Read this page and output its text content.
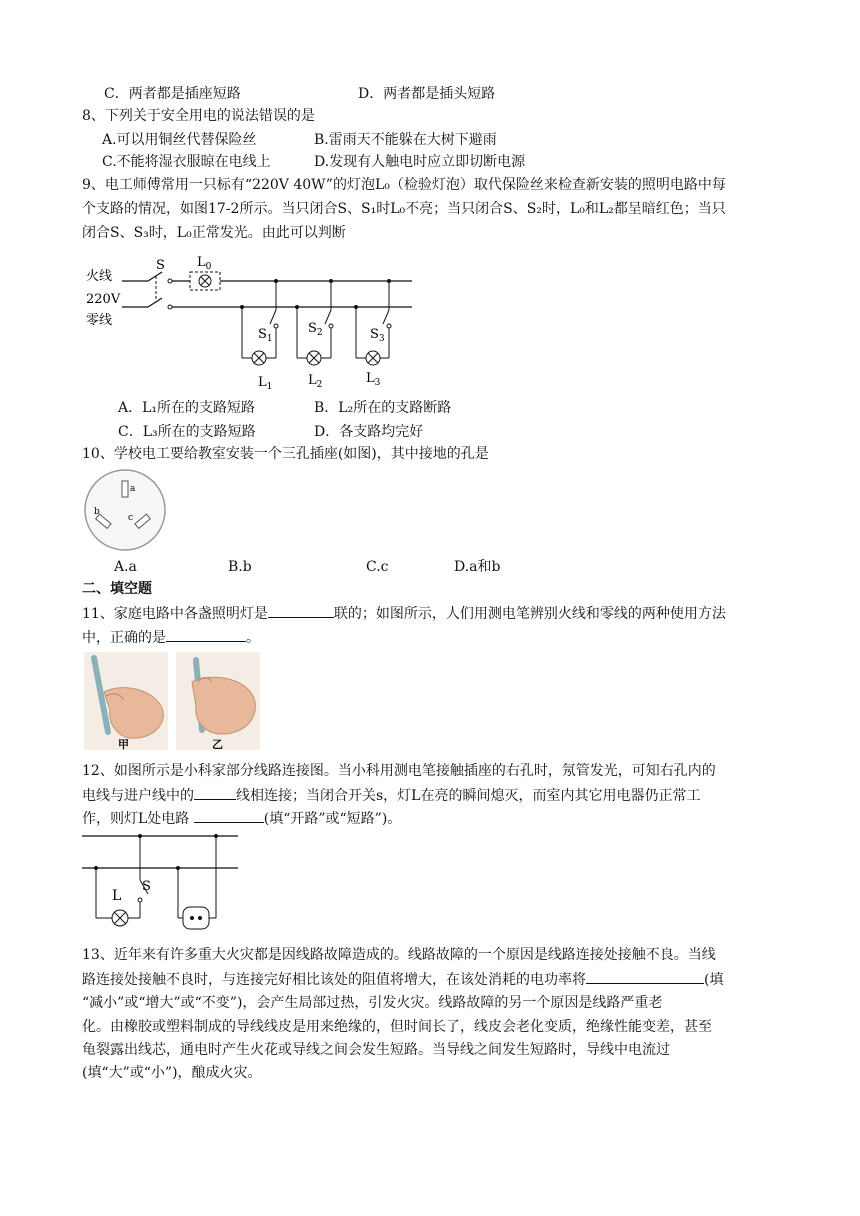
C．两者都是插座短路	D．两者都是插头短路
8、下列关于安全用电的说法错误的是
A.可以用铜丝代替保险丝	B.雷雨天不能躲在大树下避雨
C.不能将湿衣服晾在电线上	D.发现有人触电时应立即切断电源
9、电工师傅常用一只标有“220V 40W”的灯泡L₀（检验灯泡）取代保险丝来检查新安装的照明电路中每
个支路的情况，如图17-2所示。当只闭合S、S₁时L₀不亮；当只闭合S、S₂时，L₀和L₂都呈暗红色；当只
闭合S、S₃时，L₀正常发光。由此可以判断
火线
220V
零线
S $L_0$
$S_1$
$L_1$
$S_2$
$L_2$
$S_3$
$L_3$
A．L₁所在的支路短路	B．L₂所在的支路断路
C．L₃所在的支路短路	D．各支路均完好
10、学校电工要给教室安装一个三孔插座(如图)，其中接地的孔是
a
b
c
A.a	B.b	C.c	D.a和b
二、填空题
11、家庭电路中各盏照明灯是	联的；如图所示，人们用测电笔辨别火线和零线的两种使用方法
中，正确的是	。
甲	乙
12、如图所示是小科家部分线路连接图。当小科用测电笔接触插座的右孔时，氖管发光，可知右孔内的
电线与进户线中的	线相连接；当闭合开关s，灯L在亮的瞬间熄灭，而室内其它用电器仍正常工
作，则灯L处电路	(填“开路”或“短路”)。
L
S
13、近年来有许多重大火灾都是因线路故障造成的。线路故障的一个原因是线路连接处接触不良。当线
路连接处接触不良时，与连接完好相比该处的阻值将增大，在该处消耗的电功率将	(填
“减小”或“增大”或“不变”)，会产生局部过热，引发火灾。线路故障的另一个原因是线路严重老
化。由橡胶或塑料制成的导线线皮是用来绝缘的，但时间长了，线皮会老化变质，绝缘性能变差，甚至
龟裂露出线芯，通电时产生火花或导线之间会发生短路。当导线之间发生短路时，导线中电流过
(填“大”或“小”)，酿成火灾。
